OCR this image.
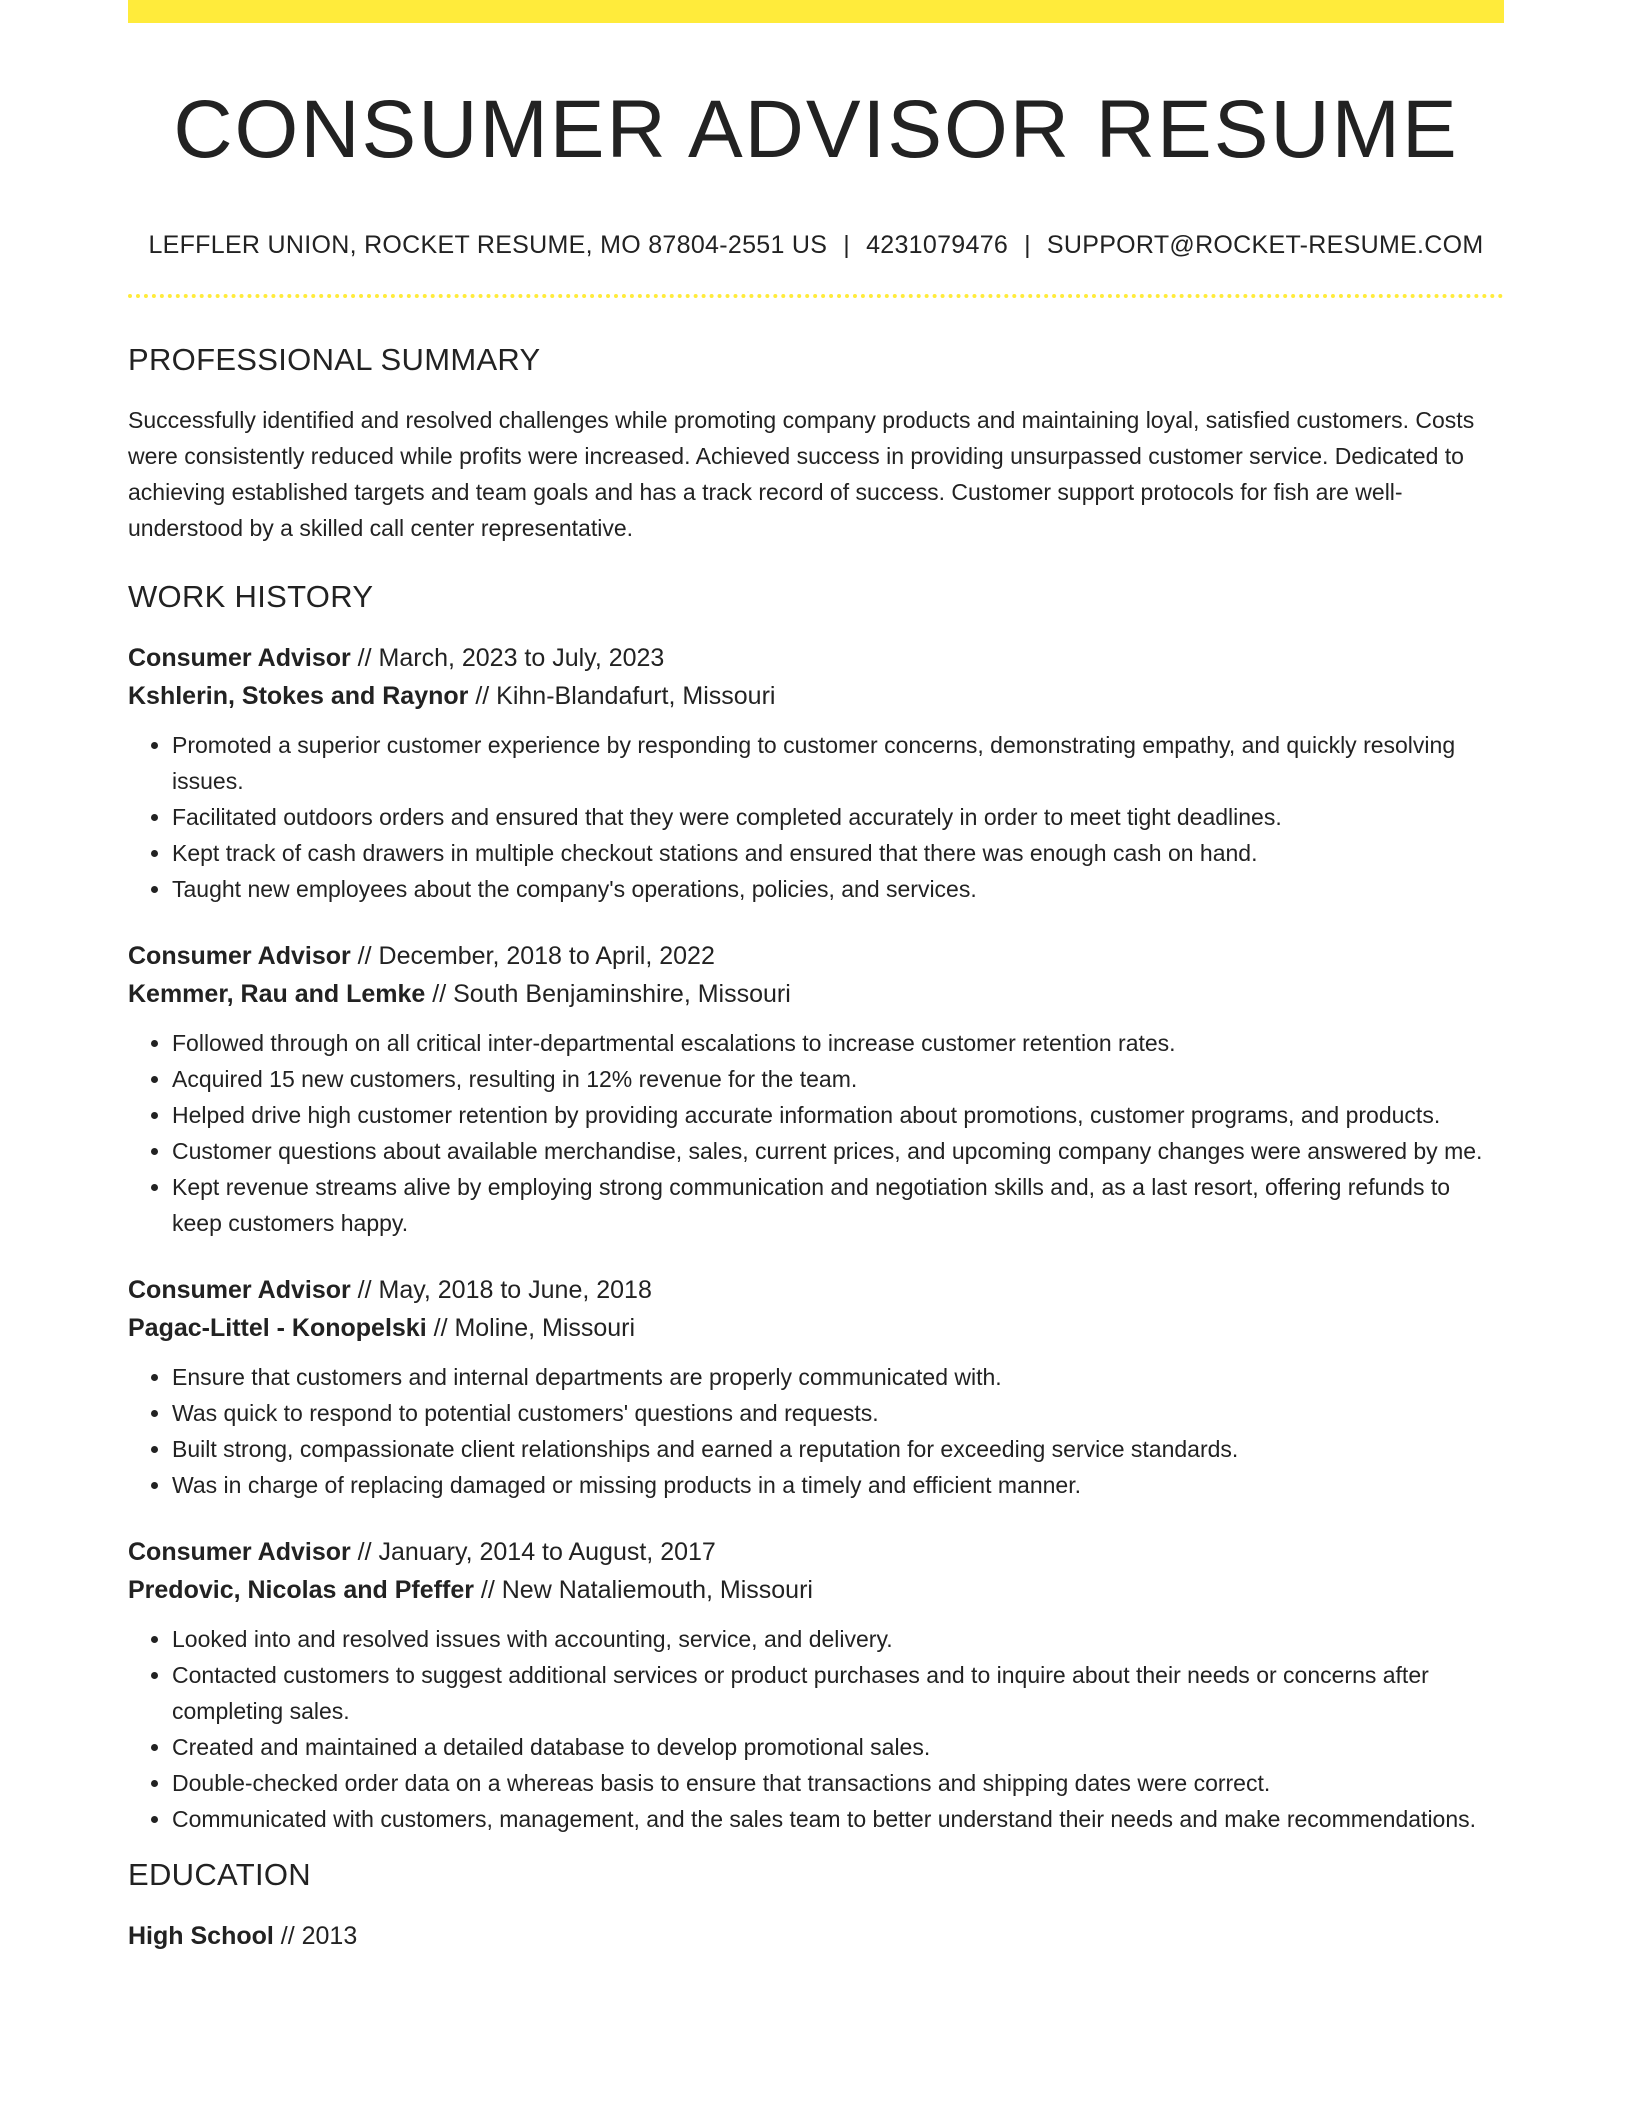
CONSUMER ADVISOR RESUME
LEFFLER UNION, ROCKET RESUME, MO 87804-2551 US | 4231079476 | SUPPORT@ROCKET-RESUME.COM
PROFESSIONAL SUMMARY
Successfully identified and resolved challenges while promoting company products and maintaining loyal, satisfied customers. Costs were consistently reduced while profits were increased. Achieved success in providing unsurpassed customer service. Dedicated to achieving established targets and team goals and has a track record of success. Customer support protocols for fish are well-understood by a skilled call center representative.
WORK HISTORY
Consumer Advisor // March, 2023 to July, 2023
Kshlerin, Stokes and Raynor // Kihn-Blandafurt, Missouri
• Promoted a superior customer experience by responding to customer concerns, demonstrating empathy, and quickly resolving issues.
• Facilitated outdoors orders and ensured that they were completed accurately in order to meet tight deadlines.
• Kept track of cash drawers in multiple checkout stations and ensured that there was enough cash on hand.
• Taught new employees about the company's operations, policies, and services.
Consumer Advisor // December, 2018 to April, 2022
Kemmer, Rau and Lemke // South Benjaminshire, Missouri
• Followed through on all critical inter-departmental escalations to increase customer retention rates.
• Acquired 15 new customers, resulting in 12% revenue for the team.
• Helped drive high customer retention by providing accurate information about promotions, customer programs, and products.
• Customer questions about available merchandise, sales, current prices, and upcoming company changes were answered by me.
• Kept revenue streams alive by employing strong communication and negotiation skills and, as a last resort, offering refunds to keep customers happy.
Consumer Advisor // May, 2018 to June, 2018
Pagac-Littel - Konopelski // Moline, Missouri
• Ensure that customers and internal departments are properly communicated with.
• Was quick to respond to potential customers' questions and requests.
• Built strong, compassionate client relationships and earned a reputation for exceeding service standards.
• Was in charge of replacing damaged or missing products in a timely and efficient manner.
Consumer Advisor // January, 2014 to August, 2017
Predovic, Nicolas and Pfeffer // New Nataliemouth, Missouri
• Looked into and resolved issues with accounting, service, and delivery.
• Contacted customers to suggest additional services or product purchases and to inquire about their needs or concerns after completing sales.
• Created and maintained a detailed database to develop promotional sales.
• Double-checked order data on a whereas basis to ensure that transactions and shipping dates were correct.
• Communicated with customers, management, and the sales team to better understand their needs and make recommendations.
EDUCATION
High School // 2013
